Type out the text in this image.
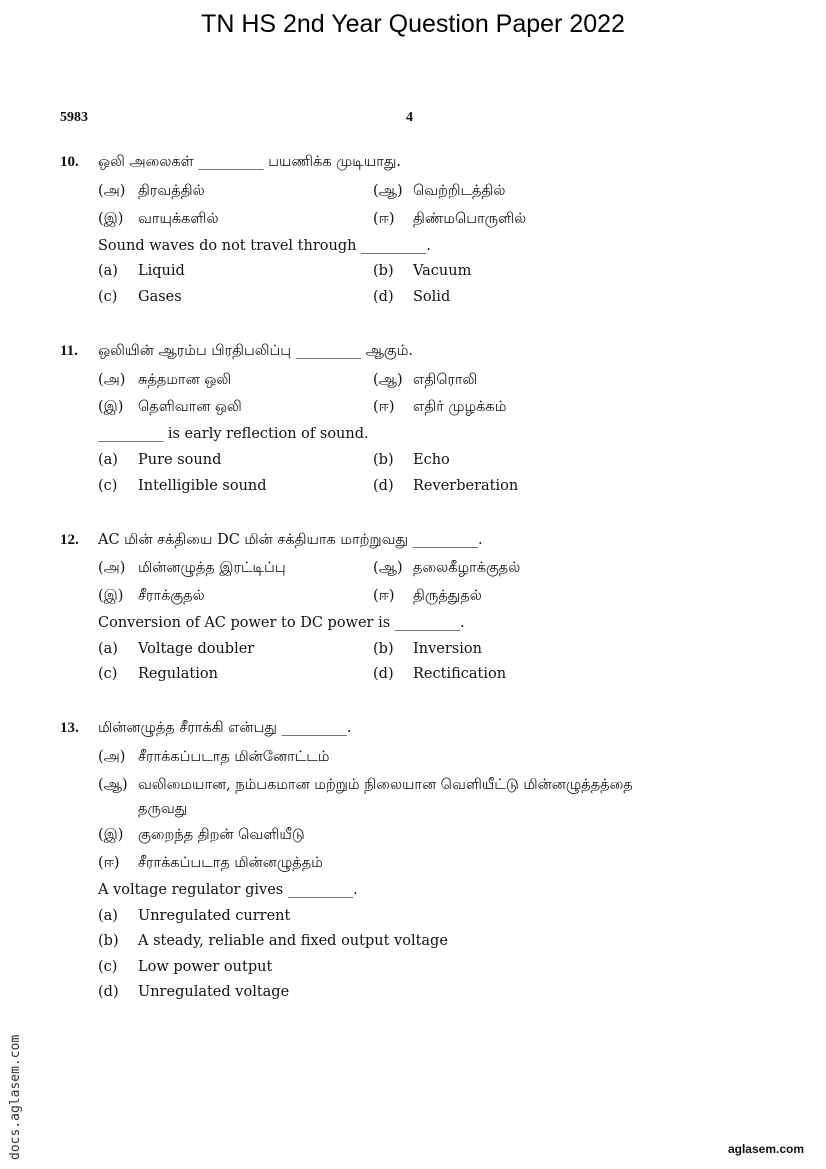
TN HS 2nd Year Question Paper 2022
5983	4
10. ஒலி அலைகள் _________ பயணிக்க முடியாது.
(அ) திரவத்தில்	(ஆ) வெற்றிடத்தில்
(இ) வாயுக்களில்	(ஈ) திண்மபொருளில்
Sound waves do not travel through _________.
(a) Liquid	(b) Vacuum
(c) Gases	(d) Solid
11. ஒலியின் ஆரம்ப பிரதிபலிப்பு _________ ஆகும்.
(அ) சுத்தமான ஒலி	(ஆ) எதிரொலி
(இ) தெளிவான ஒலி	(ஈ) எதிர் முழக்கம்
_________ is early reflection of sound.
(a) Pure sound	(b) Echo
(c) Intelligible sound	(d) Reverberation
12. AC மின் சக்தியை DC மின் சக்தியாக மாற்றுவது _________.
(அ) மின்னழுத்த இரட்டிப்பு	(ஆ) தலைகீழாக்குதல்
(இ) சீராக்குதல்	(ஈ) திருத்துதல்
Conversion of AC power to DC power is _________.
(a) Voltage doubler	(b) Inversion
(c) Regulation	(d) Rectification
13. மின்னழுத்த சீராக்கி என்பது _________.
(அ) சீராக்கப்படாத மின்னோட்டம்
(ஆ) வலிமையான, நம்பகமான மற்றும் நிலையான வெளியீட்டு மின்னழுத்தத்தை
தருவது
(இ) குறைந்த திறன் வெளியீடு
(ஈ) சீராக்கப்படாத மின்னழுத்தம்
A voltage regulator gives _________.
(a) Unregulated current
(b) A steady, reliable and fixed output voltage
(c) Low power output
(d) Unregulated voltage
docs.aglasem.com	aglasem.com
